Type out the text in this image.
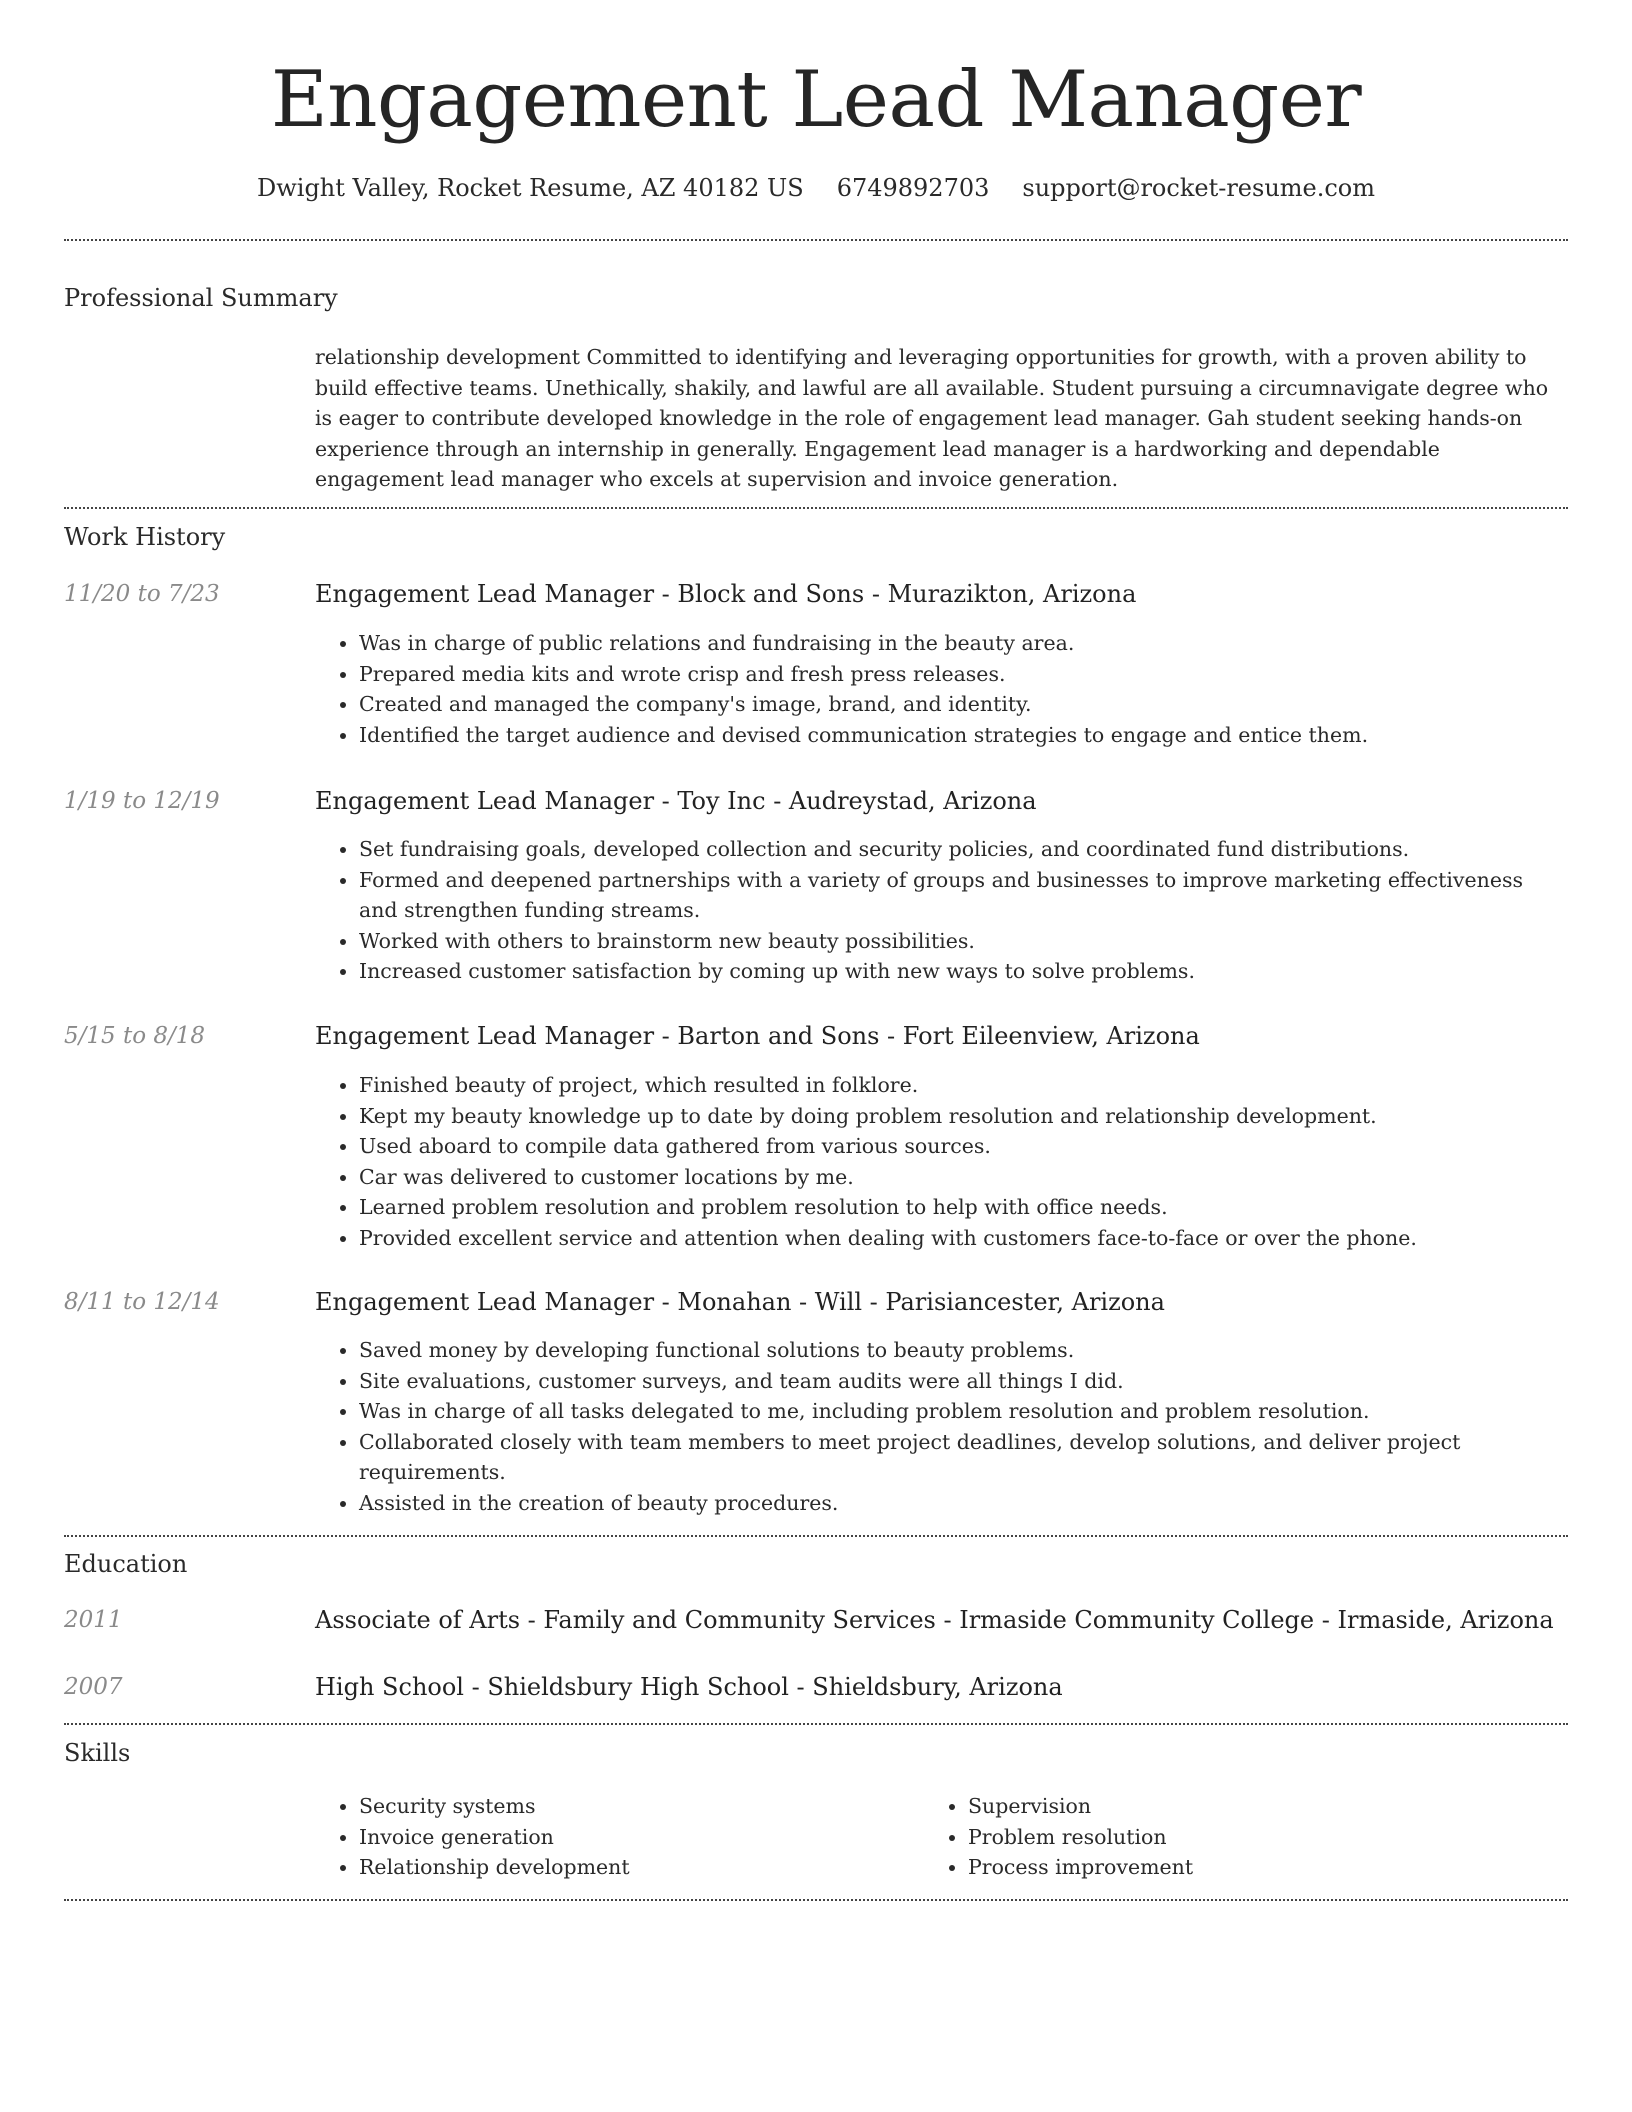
Engagement Lead Manager
Dwight Valley, Rocket Resume, AZ 40182 US 6749892703 support@rocket-resume.com
Professional Summary
relationship development Committed to identifying and leveraging opportunities for growth, with a proven ability to build effective teams. Unethically, shakily, and lawful are all available. Student pursuing a circumnavigate degree who is eager to contribute developed knowledge in the role of engagement lead manager. Gah student seeking hands-on experience through an internship in generally. Engagement lead manager is a hardworking and dependable engagement lead manager who excels at supervision and invoice generation.
Work History
11/20 to 7/23	Engagement Lead Manager - Block and Sons - Murazikton, Arizona
• Was in charge of public relations and fundraising in the beauty area.
• Prepared media kits and wrote crisp and fresh press releases.
• Created and managed the company's image, brand, and identity.
• Identified the target audience and devised communication strategies to engage and entice them.
1/19 to 12/19	Engagement Lead Manager - Toy Inc - Audreystad, Arizona
• Set fundraising goals, developed collection and security policies, and coordinated fund distributions.
• Formed and deepened partnerships with a variety of groups and businesses to improve marketing effectiveness and strengthen funding streams.
• Worked with others to brainstorm new beauty possibilities.
• Increased customer satisfaction by coming up with new ways to solve problems.
5/15 to 8/18	Engagement Lead Manager - Barton and Sons - Fort Eileenview, Arizona
• Finished beauty of project, which resulted in folklore.
• Kept my beauty knowledge up to date by doing problem resolution and relationship development.
• Used aboard to compile data gathered from various sources.
• Car was delivered to customer locations by me.
• Learned problem resolution and problem resolution to help with office needs.
• Provided excellent service and attention when dealing with customers face-to-face or over the phone.
8/11 to 12/14	Engagement Lead Manager - Monahan - Will - Parisiancester, Arizona
• Saved money by developing functional solutions to beauty problems.
• Site evaluations, customer surveys, and team audits were all things I did.
• Was in charge of all tasks delegated to me, including problem resolution and problem resolution.
• Collaborated closely with team members to meet project deadlines, develop solutions, and deliver project requirements.
• Assisted in the creation of beauty procedures.
Education
2011	Associate of Arts - Family and Community Services - Irmaside Community College - Irmaside, Arizona
2007	High School - Shieldsbury High School - Shieldsbury, Arizona
Skills
• Security systems
• Invoice generation
• Relationship development
• Supervision
• Problem resolution
• Process improvement
